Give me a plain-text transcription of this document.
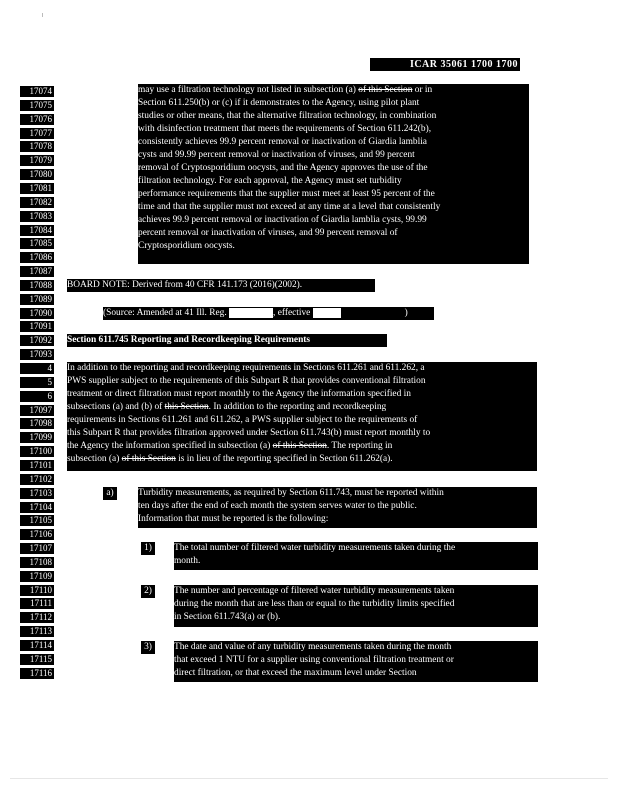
ICAR 35061 1700 1700
17074
17075
17076
17077
17078
17079
17080
17081
17082
17083
17084
17085
17086
17087
17088
17089
17090
17091
17092
17093
4
5
6
17097
17098
17099
17100
17101
17102
17103
17104
17105
17106
17107
17108
17109
17110
17111
17112
17113
17114
17115
17116
may use a filtration technology not listed in subsection (a) of this Section or in
Section 611.250(b) or (c) if it demonstrates to the Agency, using pilot plant
studies or other means, that the alternative filtration technology, in combination
with disinfection treatment that meets the requirements of Section 611.242(b),
consistently achieves 99.9 percent removal or inactivation of Giardia lamblia
cysts and 99.99 percent removal or inactivation of viruses, and 99 percent
removal of Cryptosporidium oocysts, and the Agency approves the use of the
filtration technology. For each approval, the Agency must set turbidity
performance requirements that the supplier must meet at least 95 percent of the
time and that the supplier must not exceed at any time at a level that consistently
achieves 99.9 percent removal or inactivation of Giardia lamblia cysts, 99.99
percent removal or inactivation of viruses, and 99 percent removal of
Cryptosporidium oocysts.
BOARD NOTE: Derived from 40 CFR 141.173 (2016)(2002).
(Source: Amended at 41 Ill. Reg.	, effective	)
Section 611.745 Reporting and Recordkeeping Requirements
In addition to the reporting and recordkeeping requirements in Sections 611.261 and 611.262, a
PWS supplier subject to the requirements of this Subpart R that provides conventional filtration
treatment or direct filtration must report monthly to the Agency the information specified in
subsections (a) and (b) of this Section. In addition to the reporting and recordkeeping
requirements in Sections 611.261 and 611.262, a PWS supplier subject to the requirements of
this Subpart R that provides filtration approved under Section 611.743(b) must report monthly to
the Agency the information specified in subsection (a) of this Section. The reporting in
subsection (a) of this Section is in lieu of the reporting specified in Section 611.262(a).
a)	Turbidity measurements, as required by Section 611.743, must be reported within
ten days after the end of each month the system serves water to the public.
Information that must be reported is the following:
1)	The total number of filtered water turbidity measurements taken during the
month.
2)	The number and percentage of filtered water turbidity measurements taken
during the month that are less than or equal to the turbidity limits specified
in Section 611.743(a) or (b).
3)	The date and value of any turbidity measurements taken during the month
that exceed 1 NTU for a supplier using conventional filtration treatment or
direct filtration, or that exceed the maximum level under Section
